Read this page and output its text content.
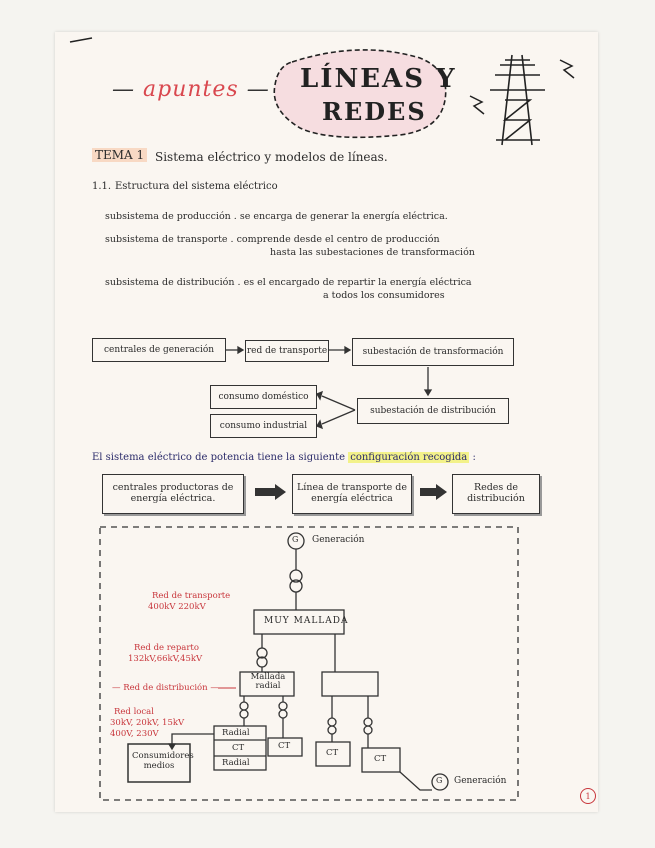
— apuntes — LÍNEAS Y
REDES
TEMA 1 Sistema eléctrico y modelos de líneas.
1.1. Estructura del sistema eléctrico
subsistema de producción . se encarga de generar la energía eléctrica.
subsistema de transporte . comprende desde el centro de producción
hasta las subestaciones de transformación
subsistema de distribución . es el encargado de repartir la energía eléctrica
a todos los consumidores
centrales de generación	red de transporte	subestación de transformación
subestación de distribución
consumo doméstico
consumo industrial
El sistema eléctrico de potencia tiene la siguiente configuración recogida :
centrales productoras de energía eléctrica.
Línea de transporte de energía eléctrica
Redes de distribución
G Generación
MUY MALLADA
Mallada radial
Radial
CT
Radial
CT
CT
CT
Consumidores medios
G Generación
Red de transporte
400kV 220kV
Red de reparto
132kV,66kV,45kV
— Red de distribución —
Red local
30kV, 20kV, 15kV
400V, 230V
1
